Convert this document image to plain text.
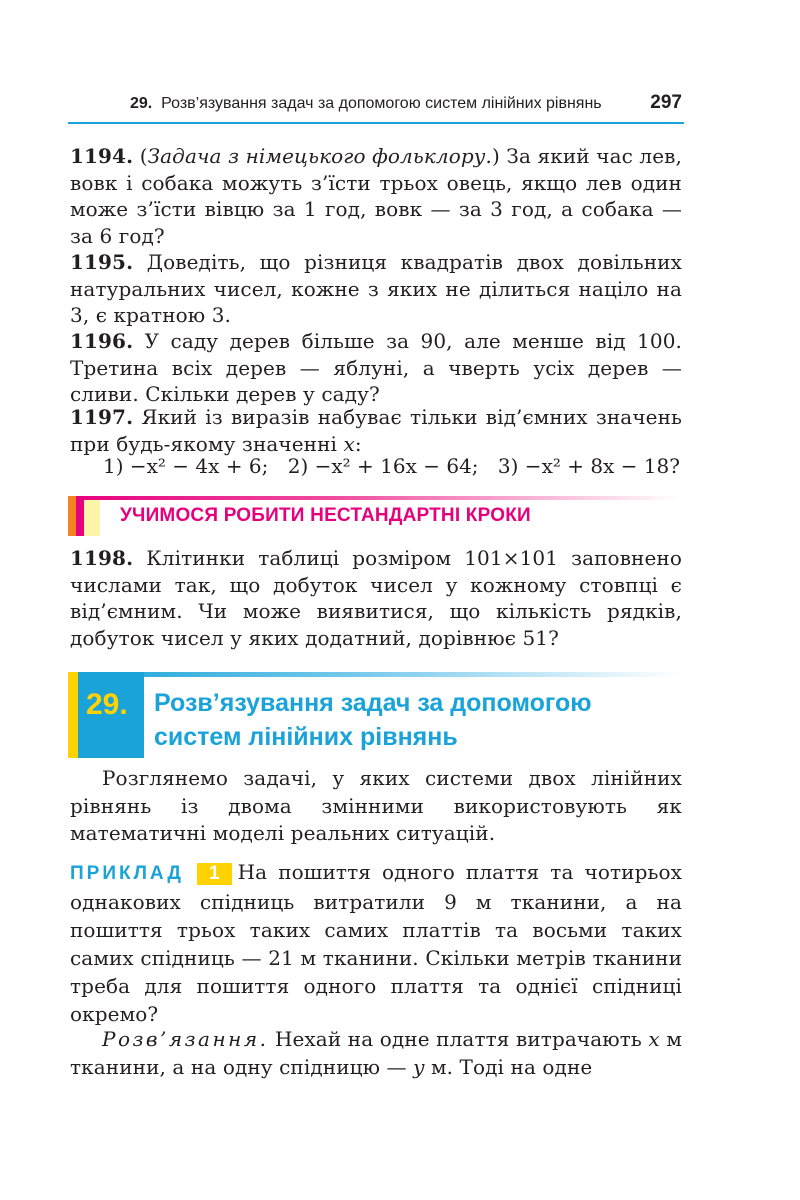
29. Розв’язування задач за допомогою систем лінійних рівнянь	297
1194. (Задача з німецького фольклору.) За який час лев, вовк і собака можуть з’їсти трьох овець, якщо лев один може з’їсти вівцю за 1 год, вовк — за 3 год, а собака — за 6 год?
1195. Доведіть, що різниця квадратів двох довільних натуральних чисел, кожне з яких не ділиться націло на 3, є кратною 3.
1196. У саду дерев більше за 90, але менше від 100. Третина всіх дерев — яблуні, а чверть усіх дерев — сливи. Скільки дерев у саду?
1197. Який із виразів набуває тільки від’ємних значень при будь-якому значенні x:
1) −x² − 4x + 6; 2) −x² + 16x − 64; 3) −x² + 8x − 18?
УЧИМОСЯ РОБИТИ НЕСТАНДАРТНІ КРОКИ
1198. Клітинки таблиці розміром 101×101 заповнено числами так, що добуток чисел у кожному стовпці є від’ємним. Чи може виявитися, що кількість рядків, добуток чисел у яких додатний, дорівнює 51?
29. Розв’язування задач за допомогою
систем лінійних рівнянь
Розглянемо задачі, у яких системи двох лінійних рівнянь із двома змінними використовують як математичні моделі реальних ситуацій.
ПРИКЛАД 1 На пошиття одного плаття та чотирьох однакових спідниць витратили 9 м тканини, а на пошиття трьох таких самих платтів та восьми таких самих спідниць — 21 м тканини. Скільки метрів тканини треба для пошиття одного плаття та однієї спідниці окремо?
Розв’язання. Нехай на одне плаття витрачають x м тканини, а на одну спідницю — y м. Тоді на одне
